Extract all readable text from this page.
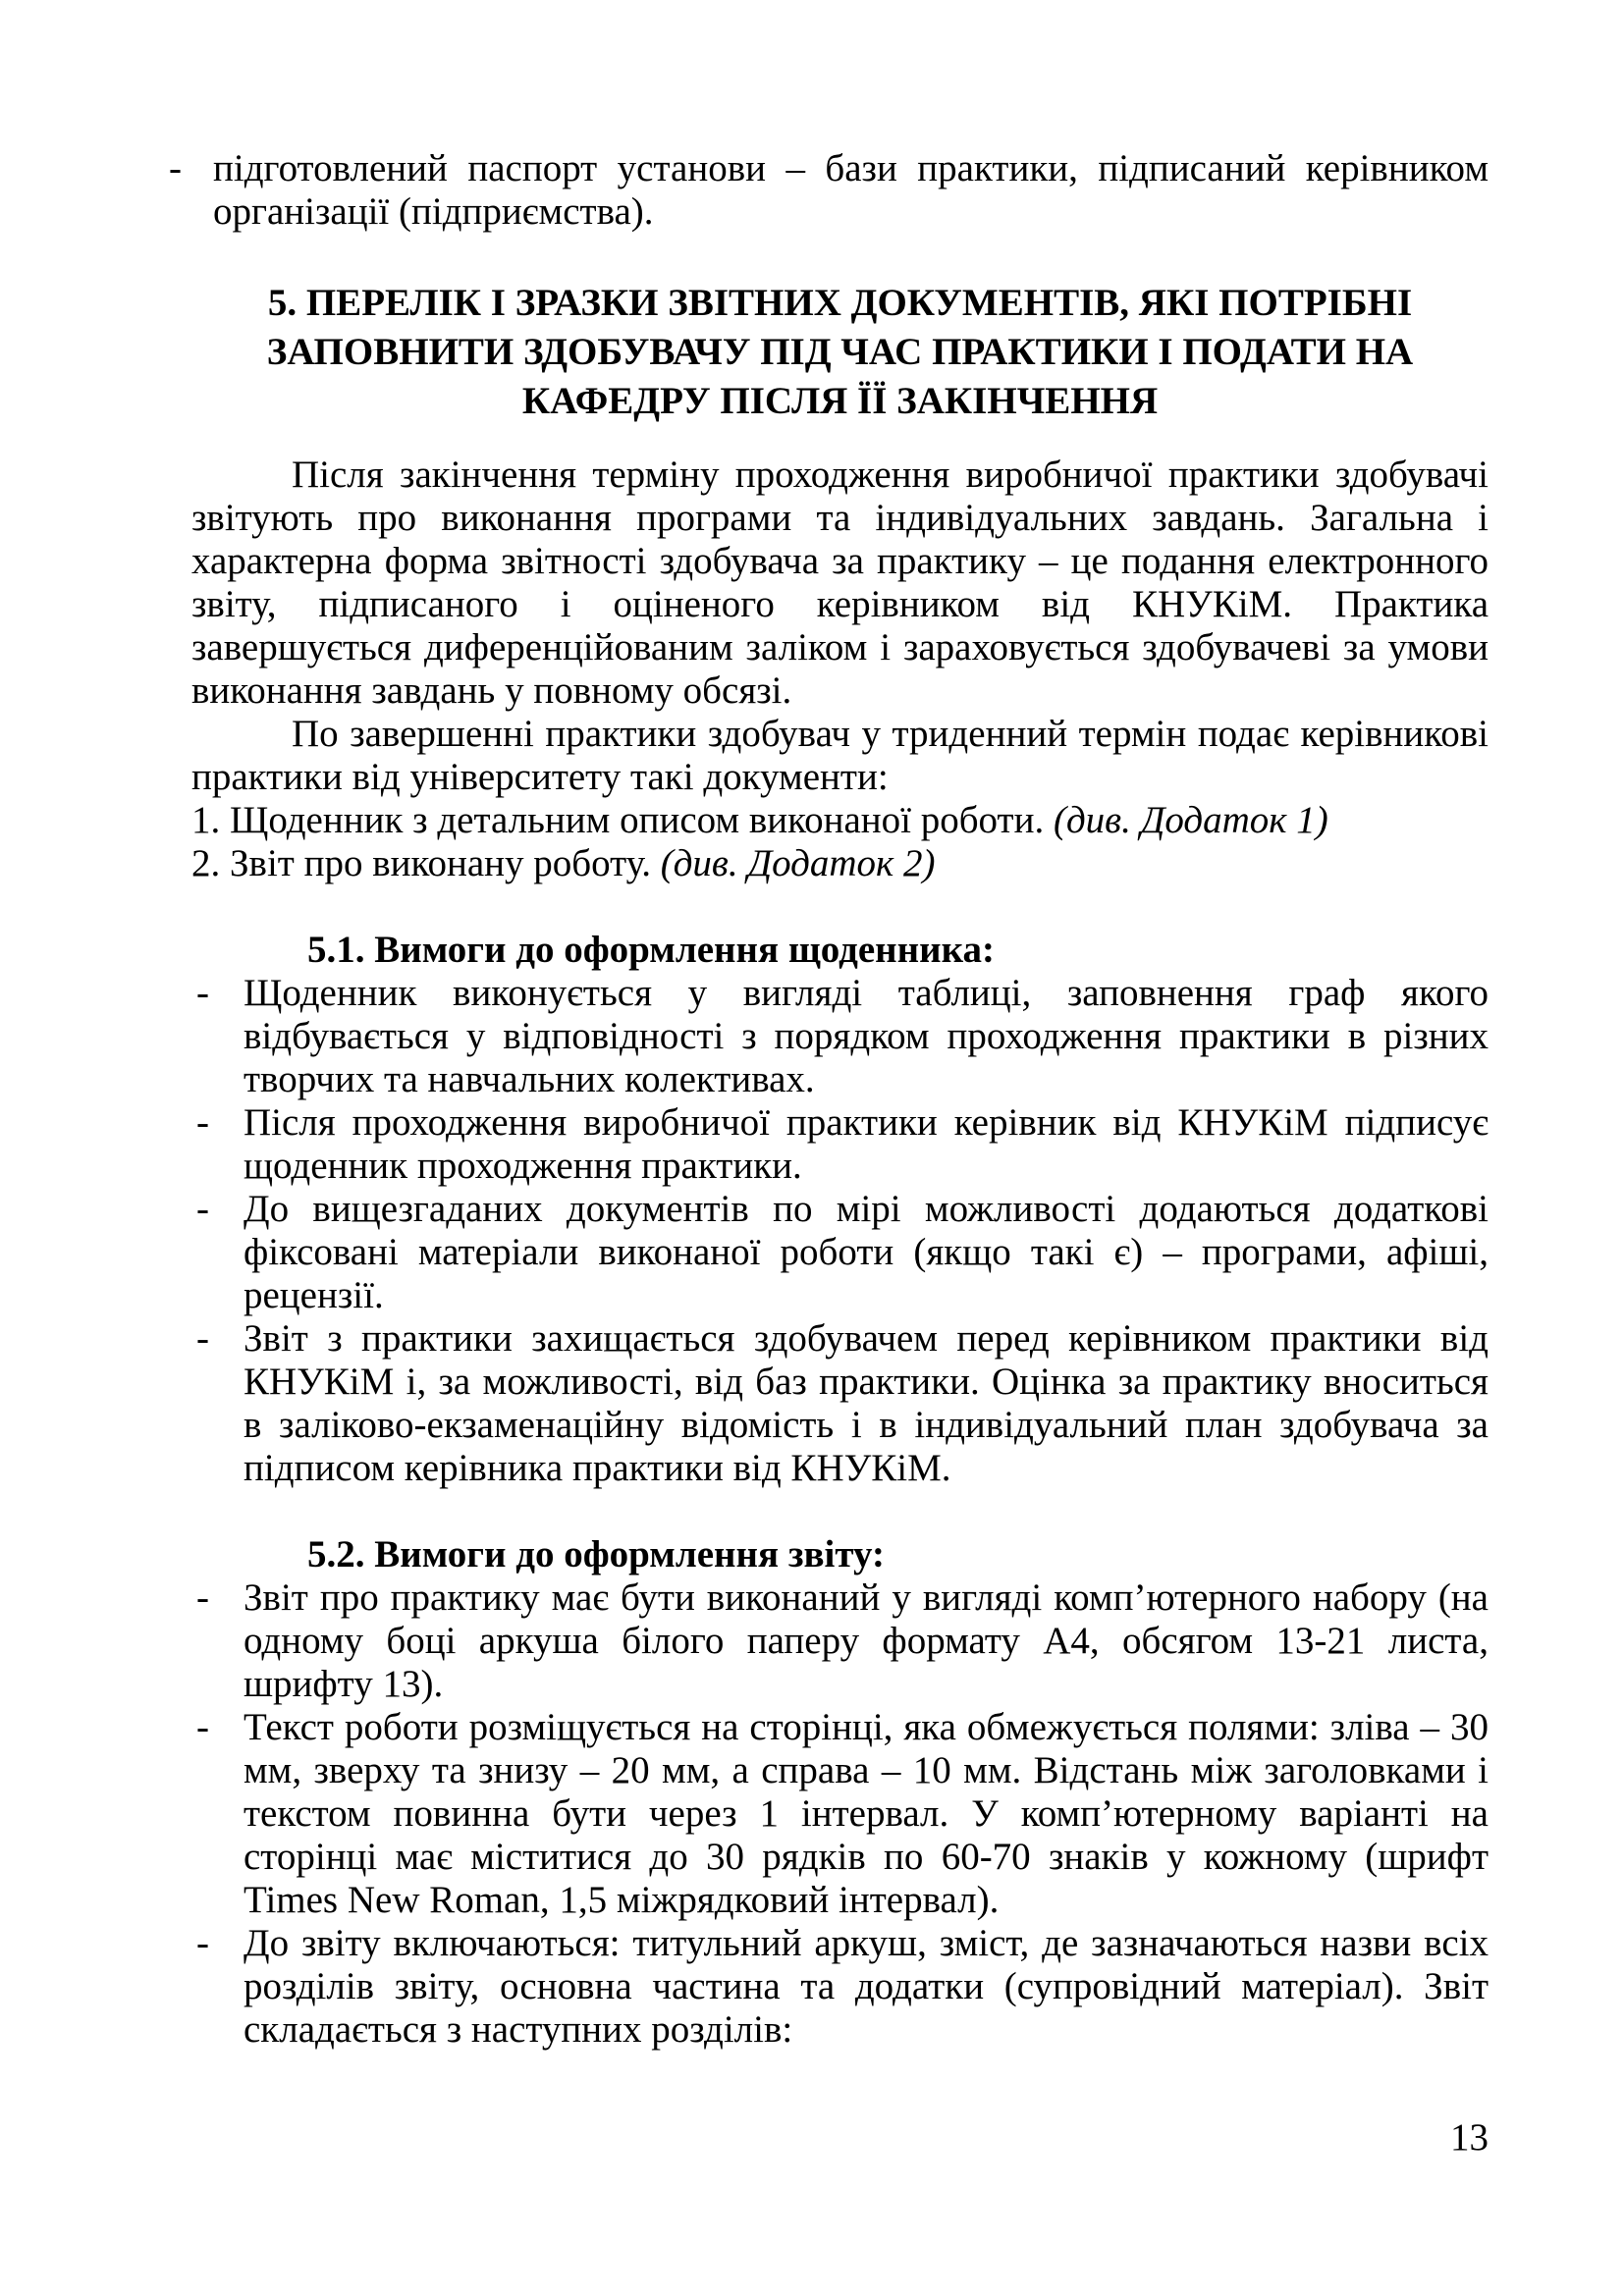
- підготовлений паспорт установи – бази практики, підписаний керівником організації (підприємства).
5. ПЕРЕЛІК І ЗРАЗКИ ЗВІТНИХ ДОКУМЕНТІВ, ЯКІ ПОТРІБНІ ЗАПОВНИТИ ЗДОБУВАЧУ ПІД ЧАС ПРАКТИКИ І ПОДАТИ НА КАФЕДРУ ПІСЛЯ ЇЇ ЗАКІНЧЕННЯ

Після закінчення терміну проходження виробничої практики здобувачі звітують про виконання програми та індивідуальних завдань. Загальна і характерна форма звітності здобувача за практику – це подання електронного звіту, підписаного і оціненого керівником від КНУКіМ. Практика завершується диференційованим заліком і зараховується здобувачеві за умови виконання завдань у повному обсязі.

По завершенні практики здобувач у триденний термін подає керівникові практики від університету такі документи:

1. Щоденник з детальним описом виконаної роботи. (див. Додаток 1)

2. Звіт про виконану роботу. (див. Додаток 2)

5.1. Вимоги до оформлення щоденника:
- Щоденник виконується у вигляді таблиці, заповнення граф якого відбувається у відповідності з порядком проходження практики в різних творчих та навчальних колективах.
- Після проходження виробничої практики керівник від КНУКіМ підписує щоденник проходження практики.
- До вищезгаданих документів по мірі можливості додаються додаткові фіксовані матеріали виконаної роботи (якщо такі є) – програми, афіші, рецензії.
- Звіт з практики захищається здобувачем перед керівником практики від КНУКіМ і, за можливості, від баз практики. Оцінка за практику вноситься в заліково-екзаменаційну відомість і в індивідуальний план здобувача за підписом керівника практики від КНУКіМ.
5.2. Вимоги до оформлення звіту:
- Звіт про практику має бути виконаний у вигляді комп’ютерного набору (на одному боці аркуша білого паперу формату А4, обсягом 13-21 листа, шрифту 13).
- Текст роботи розміщується на сторінці, яка обмежується полями: зліва – 30 мм, зверху та знизу – 20 мм, а справа – 10 мм. Відстань між заголовками і текстом повинна бути через 1 інтервал. У комп’ютерному варіанті на сторінці має міститися до 30 рядків по 60-70 знаків у кожному (шрифт Times New Roman, 1,5 міжрядковий інтервал).
- До звіту включаються: титульний аркуш, зміст, де зазначаються назви всіх розділів звіту, основна частина та додатки (супровідний матеріал). Звіт складається з наступних розділів:
13
